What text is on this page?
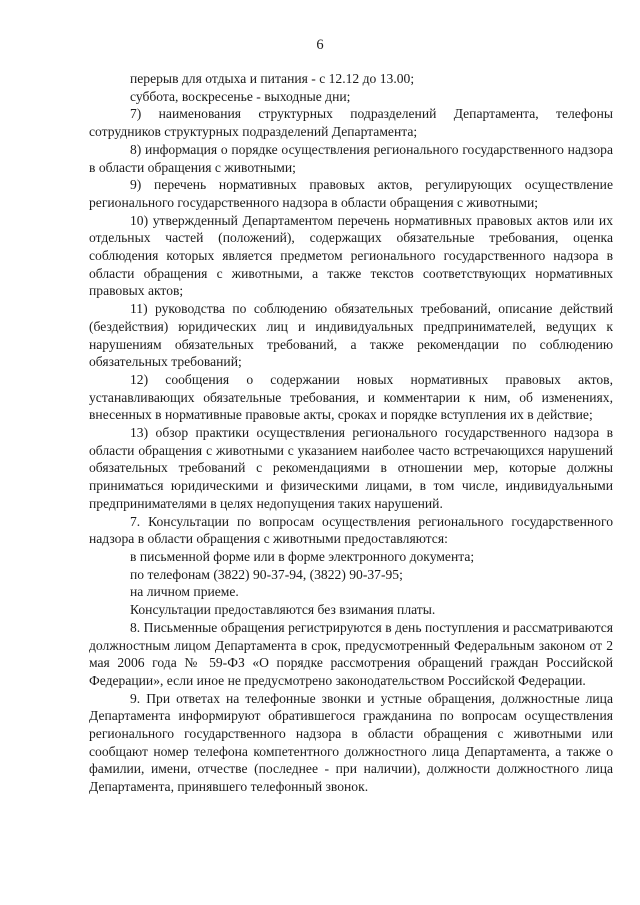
6

перерыв для отдыха и питания - с 12.12 до 13.00;

суббота, воскресенье - выходные дни;

7) наименования структурных подразделений Департамента, телефоны сотрудников структурных подразделений Департамента;

8) информация о порядке осуществления регионального государственного надзора в области обращения с животными;

9) перечень нормативных правовых актов, регулирующих осуществление регионального государственного надзора в области обращения с животными;

10) утвержденный Департаментом перечень нормативных правовых актов или их отдельных частей (положений), содержащих обязательные требования, оценка соблюдения которых является предметом регионального государственного надзора в области обращения с животными, а также текстов соответствующих нормативных правовых актов;

11) руководства по соблюдению обязательных требований, описание действий (бездействия) юридических лиц и индивидуальных предпринимателей, ведущих к нарушениям обязательных требований, а также рекомендации по соблюдению обязательных требований;

12) сообщения о содержании новых нормативных правовых актов, устанавливающих обязательные требования, и комментарии к ним, об изменениях, внесенных в нормативные правовые акты, сроках и порядке вступления их в действие;

13) обзор практики осуществления регионального государственного надзора в области обращения с животными с указанием наиболее часто встречающихся нарушений обязательных требований с рекомендациями в отношении мер, которые должны приниматься юридическими и физическими лицами, в том числе, индивидуальными предпринимателями в целях недопущения таких нарушений.

7. Консультации по вопросам осуществления регионального государственного надзора в области обращения с животными предоставляются:

в письменной форме или в форме электронного документа;

по телефонам (3822) 90-37-94, (3822) 90-37-95;

на личном приеме.

Консультации предоставляются без взимания платы.

8. Письменные обращения регистрируются в день поступления и рассматриваются должностным лицом Департамента в срок, предусмотренный Федеральным законом от 2 мая 2006 года № 59-ФЗ «О порядке рассмотрения обращений граждан Российской Федерации», если иное не предусмотрено законодательством Российской Федерации.

9. При ответах на телефонные звонки и устные обращения, должностные лица Департамента информируют обратившегося гражданина по вопросам осуществления регионального государственного надзора в области обращения с животными или сообщают номер телефона компетентного должностного лица Департамента, а также о фамилии, имени, отчестве (последнее - при наличии), должности должностного лица Департамента, принявшего телефонный звонок.
